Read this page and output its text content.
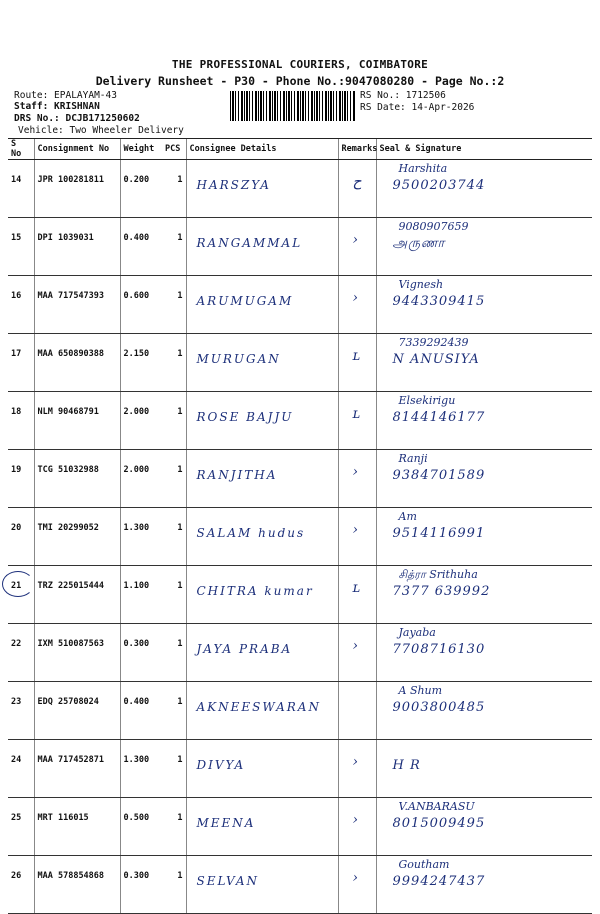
THE PROFESSIONAL COURIERS, COIMBATORE
Delivery Runsheet - P30 - Phone No.:9047080280 - Page No.:2
Route: EPALAYAM-43
Staff: KRISHNAN
DRS No.: DCJB171250602
Vehicle: Two Wheeler Delivery
RS No.: 1712506
RS Date: 14-Apr-2026
S No	Consignment No	Weight	PCS	Consignee Details	Remarks	Seal & Signature
14	JPR 100281811	0.200	1	HARSZYA	ح	Harshita
9500203744

15	DPI 1039031	0.400	1	RANGAMMAL	›	9080907659
அருணா

16	MAA 717547393	0.600	1	ARUMUGAM	›	Vignesh
9443309415

17	MAA 650890388	2.150	1	MURUGAN	ʟ	7339292439
N ANUSIYA

18	NLM 90468791	2.000	1	ROSE BAJJU	ʟ	Elsekirigu
8144146177

19	TCG 51032988	2.000	1	RANJITHA	›	Ranji
9384701589

20	TMI 20299052	1.300	1	SALAM hudus	›	Am
9514116991

21	TRZ 225015444	1.100	1	CHITRA kumar	ʟ	சித்ரா Srithuha
7377 639992

22	IXM 510087563	0.300	1	JAYA PRABA	›	Jayaba
7708716130

23	EDQ 25708024	0.400	1	AKNEESWARAN		A Shum
9003800485

24	MAA 717452871	1.300	1	DIVYA	›	H R

25	MRT 116015	0.500	1	MEENA	›	V.ANBARASU
8015009495

26	MAA 578854868	0.300	1	SELVAN	›	Goutham
9994247437
